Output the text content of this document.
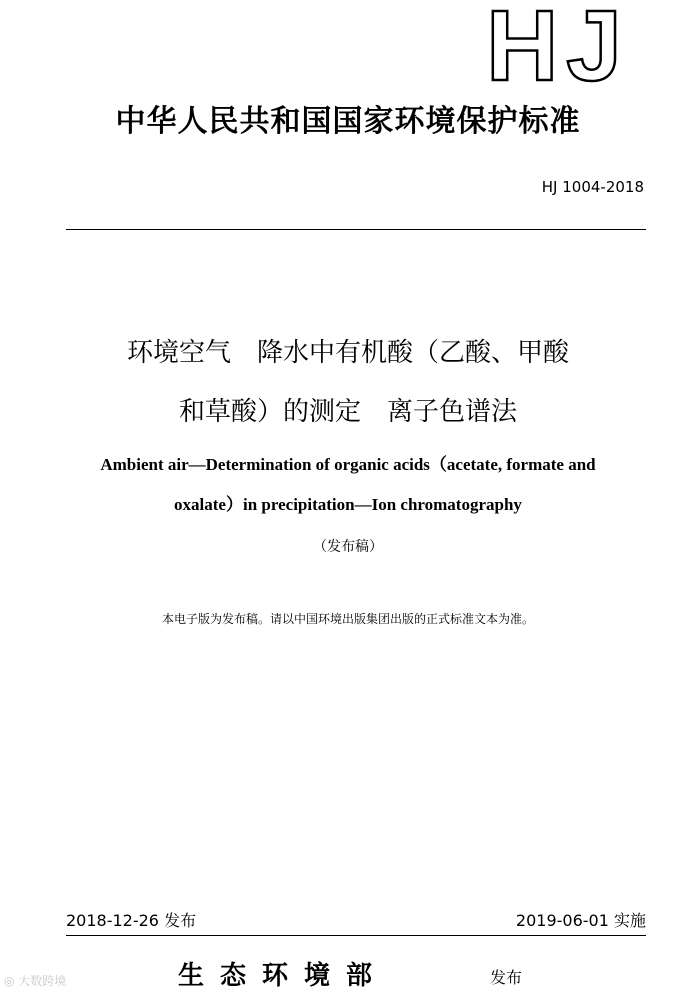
HJ
中华人民共和国国家环境保护标准
HJ 1004-2018
环境空气　降水中有机酸（乙酸、甲酸
和草酸）的测定　离子色谱法
Ambient air—Determination of organic acids（acetate, formate and
oxalate）in precipitation—Ion chromatography
（发布稿）
本电子版为发布稿。请以中国环境出版集团出版的正式标准文本为准。
2018-12-26 发布	2019-06-01 实施
生态环境部	发布
◎ 大数跨境
